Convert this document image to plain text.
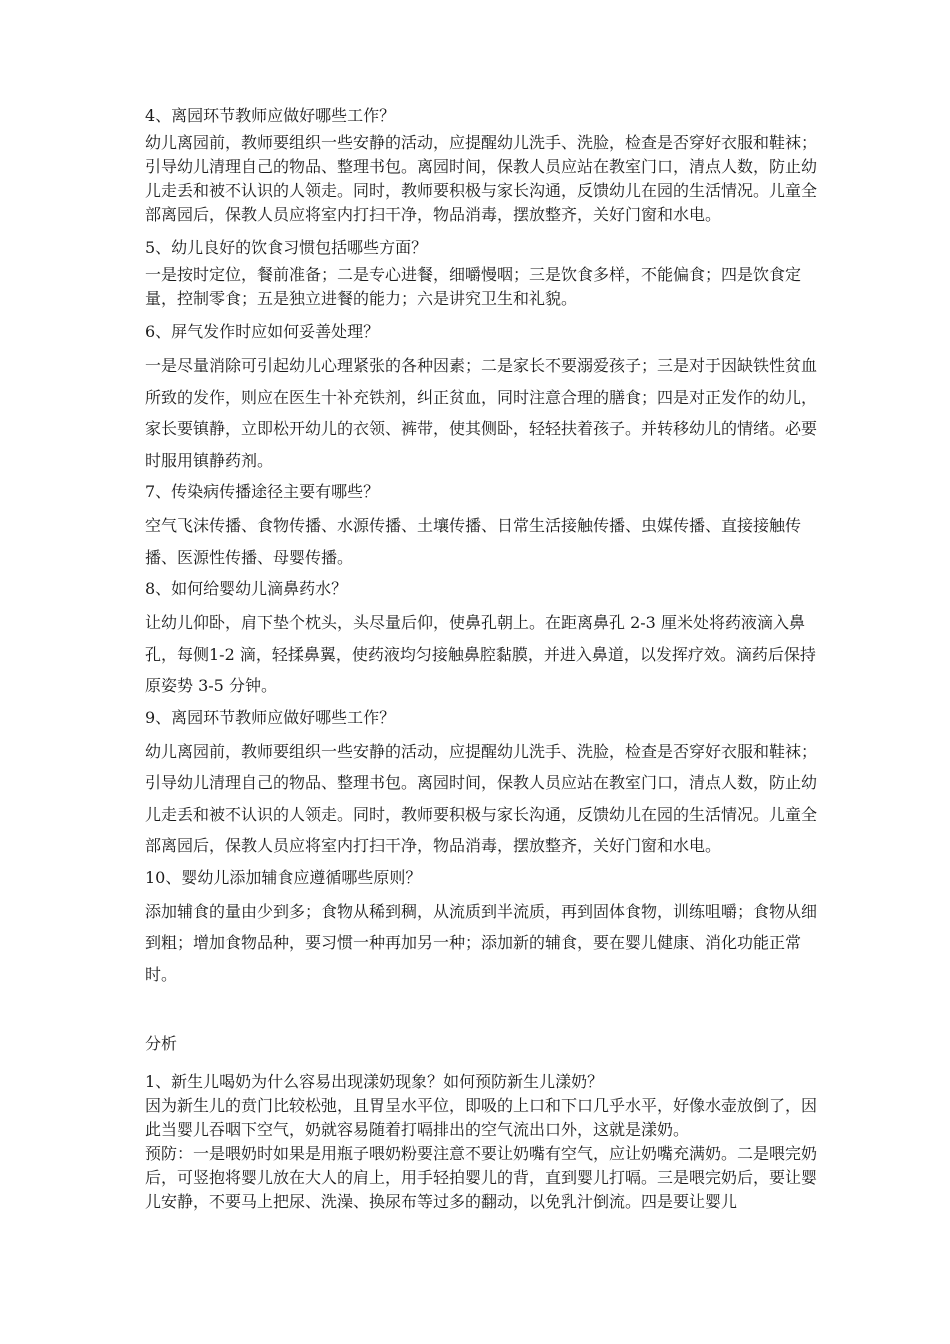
4、离园环节教师应做好哪些工作？

幼儿离园前，教师要组织一些安静的活动，应提醒幼儿洗手、洗脸，检查是否穿好衣服和鞋袜；引导幼儿清理自己的物品、整理书包。离园时间，保教人员应站在教室门口，清点人数，防止幼儿走丢和被不认识的人领走。同时，教师要积极与家长沟通，反馈幼儿在园的生活情况。儿童全部离园后，保教人员应将室内打扫干净，物品消毒，摆放整齐，关好门窗和水电。

5、幼儿良好的饮食习惯包括哪些方面？

一是按时定位，餐前准备；二是专心进餐，细嚼慢咽；三是饮食多样，不能偏食；四是饮食定量，控制零食；五是独立进餐的能力；六是讲究卫生和礼貌。

6、屏气发作时应如何妥善处理？

一是尽量消除可引起幼儿心理紧张的各种因素；二是家长不要溺爱孩子；三是对于因缺铁性贫血所致的发作，则应在医生十补充铁剂，纠正贫血，同时注意合理的膳食；四是对正发作的幼儿，家长要镇静，立即松开幼儿的衣领、裤带，使其侧卧，轻轻扶着孩子。并转移幼儿的情绪。必要时服用镇静药剂。

7、传染病传播途径主要有哪些？

空气飞沫传播、食物传播、水源传播、土壤传播、日常生活接触传播、虫媒传播、直接接触传播、医源性传播、母婴传播。

8、如何给婴幼儿滴鼻药水？

让幼儿仰卧，肩下垫个枕头，头尽量后仰，使鼻孔朝上。在距离鼻孔 2-3 厘米处将药液滴入鼻孔，每侧1-2 滴，轻揉鼻翼，使药液均匀接触鼻腔黏膜，并进入鼻道，以发挥疗效。滴药后保持原姿势 3-5 分钟。

9、离园环节教师应做好哪些工作？

幼儿离园前，教师要组织一些安静的活动，应提醒幼儿洗手、洗脸，检查是否穿好衣服和鞋袜；引导幼儿清理自己的物品、整理书包。离园时间，保教人员应站在教室门口，清点人数，防止幼儿走丢和被不认识的人领走。同时，教师要积极与家长沟通，反馈幼儿在园的生活情况。儿童全部离园后，保教人员应将室内打扫干净，物品消毒，摆放整齐，关好门窗和水电。

10、婴幼儿添加辅食应遵循哪些原则？

添加辅食的量由少到多；食物从稀到稠，从流质到半流质，再到固体食物，训练咀嚼；食物从细到粗；增加食物品种，要习惯一种再加另一种；添加新的辅食，要在婴儿健康、消化功能正常时。

分析

1、新生儿喝奶为什么容易出现漾奶现象？如何预防新生儿漾奶？

因为新生儿的贲门比较松弛，且胃呈水平位，即吸的上口和下口几乎水平，好像水壶放倒了，因此当婴儿吞咽下空气，奶就容易随着打嗝排出的空气流出口外，这就是漾奶。

预防：一是喂奶时如果是用瓶子喂奶粉要注意不要让奶嘴有空气，应让奶嘴充满奶。二是喂完奶后，可竖抱将婴儿放在大人的肩上，用手轻拍婴儿的背，直到婴儿打嗝。三是喂完奶后，要让婴儿安静，不要马上把尿、洗澡、换尿布等过多的翻动，以免乳汁倒流。四是要让婴儿
